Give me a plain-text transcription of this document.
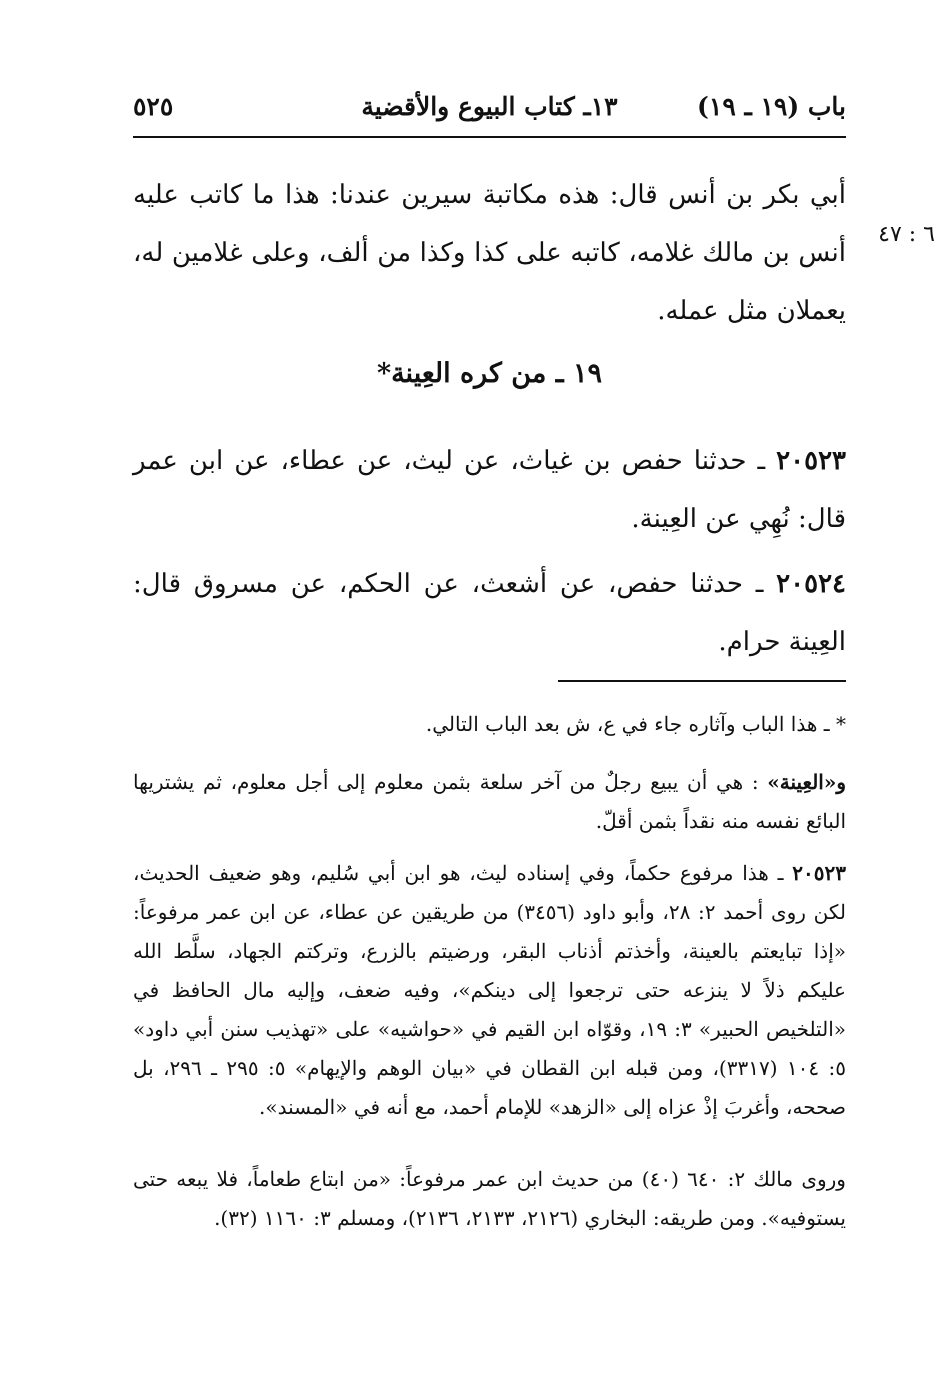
باب (١٩ ـ ١٩)
١٣ـ كتاب البيوع والأقضية
٥٢٥
أبي بكر بن أنس قال: هذه مكاتبة سيرين عندنا: هذا ما كاتب عليه أنس بن مالك غلامه، كاتبه على كذا وكذا من ألف، وعلى غلامين له، يعملان مثل عمله.
٦ : ٤٧
١٩ ـ من كره العِينة*
٢٠٥٢٣ ـ حدثنا حفص بن غياث، عن ليث، عن عطاء، عن ابن عمر قال: نُهِي عن العِينة.
٢٠٥٢٤ ـ حدثنا حفص، عن أشعث، عن الحكم، عن مسروق قال: العِينة حرام.
* ـ هذا الباب وآثاره جاء في ع، ش بعد الباب التالي.
و«العِينة» : هي أن يبيع رجلٌ من آخر سلعة بثمن معلوم إلى أجل معلوم، ثم يشتريها البائع نفسه منه نقداً بثمن أقلّ.
٢٠٥٢٣ ـ هذا مرفوع حكماً، وفي إسناده ليث، هو ابن أبي سُليم، وهو ضعيف الحديث، لكن روى أحمد ٢: ٢٨، وأبو داود (٣٤٥٦) من طريقين عن عطاء، عن ابن عمر مرفوعاً: «إذا تبايعتم بالعينة، وأخذتم أذناب البقر، ورضيتم بالزرع، وتركتم الجهاد، سلَّط الله عليكم ذلاً لا ينزعه حتى ترجعوا إلى دينكم»، وفيه ضعف، وإليه مال الحافظ في «التلخيص الحبير» ٣: ١٩، وقوّاه ابن القيم في «حواشيه» على «تهذيب سنن أبي داود» ٥: ١٠٤ (٣٣١٧)، ومن قبله ابن القطان في «بيان الوهم والإيهام» ٥: ٢٩٥ ـ ٢٩٦، بل صححه، وأغربَ إذْ عزاه إلى «الزهد» للإمام أحمد، مع أنه في «المسند».
وروى مالك ٢: ٦٤٠ (٤٠) من حديث ابن عمر مرفوعاً: «من ابتاع طعاماً، فلا يبعه حتى يستوفيه». ومن طريقه: البخاري (٢١٢٦، ٢١٣٣، ٢١٣٦)، ومسلم ٣: ١١٦٠ (٣٢).
